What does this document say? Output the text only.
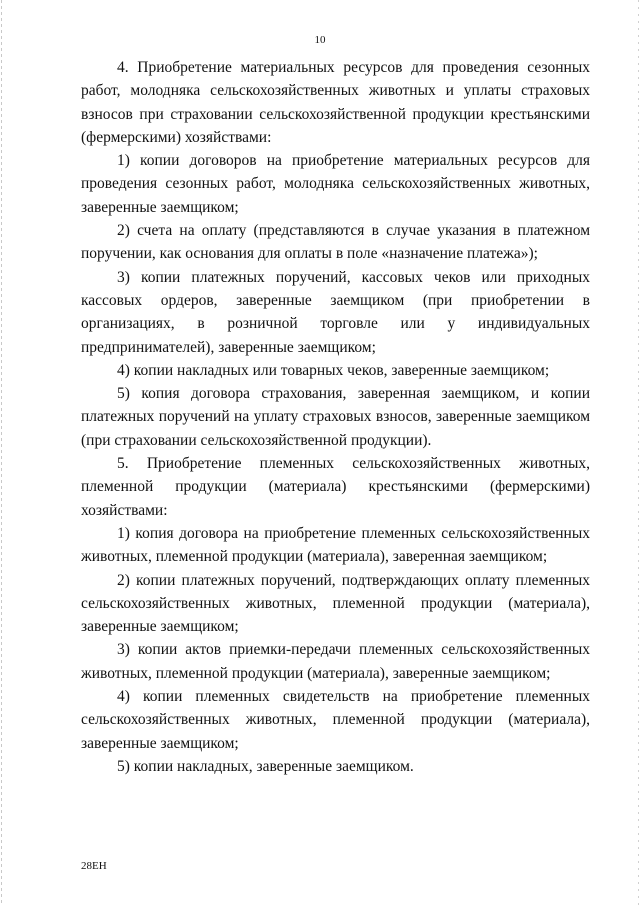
10

4. Приобретение материальных ресурсов для проведения сезонных работ, молодняка сельскохозяйственных животных и уплаты страховых взносов при страховании сельскохозяйственной продукции крестьянскими (фермерскими) хозяйствами:

1) копии договоров на приобретение материальных ресурсов для проведения сезонных работ, молодняка сельскохозяйственных животных, заверенные заемщиком;

2) счета на оплату (представляются в случае указания в платежном поручении, как основания для оплаты в поле «назначение платежа»);

3) копии платежных поручений, кассовых чеков или приходных кассовых ордеров, заверенные заемщиком (при приобретении в организациях, в розничной торговле или у индивидуальных предпринимателей), заверенные заемщиком;

4) копии накладных или товарных чеков, заверенные заемщиком;

5) копия договора страхования, заверенная заемщиком, и копии платежных поручений на уплату страховых взносов, заверенные заемщиком (при страховании сельскохозяйственной продукции).

5. Приобретение племенных сельскохозяйственных животных, племенной продукции (материала) крестьянскими (фермерскими) хозяйствами:

1) копия договора на приобретение племенных сельскохозяйственных животных, племенной продукции (материала), заверенная заемщиком;

2) копии платежных поручений, подтверждающих оплату племенных сельскохозяйственных животных, племенной продукции (материала), заверенные заемщиком;

3) копии актов приемки-передачи племенных сельскохозяйственных животных, племенной продукции (материала), заверенные заемщиком;

4) копии племенных свидетельств на приобретение племенных сельскохозяйственных животных, племенной продукции (материала), заверенные заемщиком;

5) копии накладных, заверенные заемщиком.

28ЕН
